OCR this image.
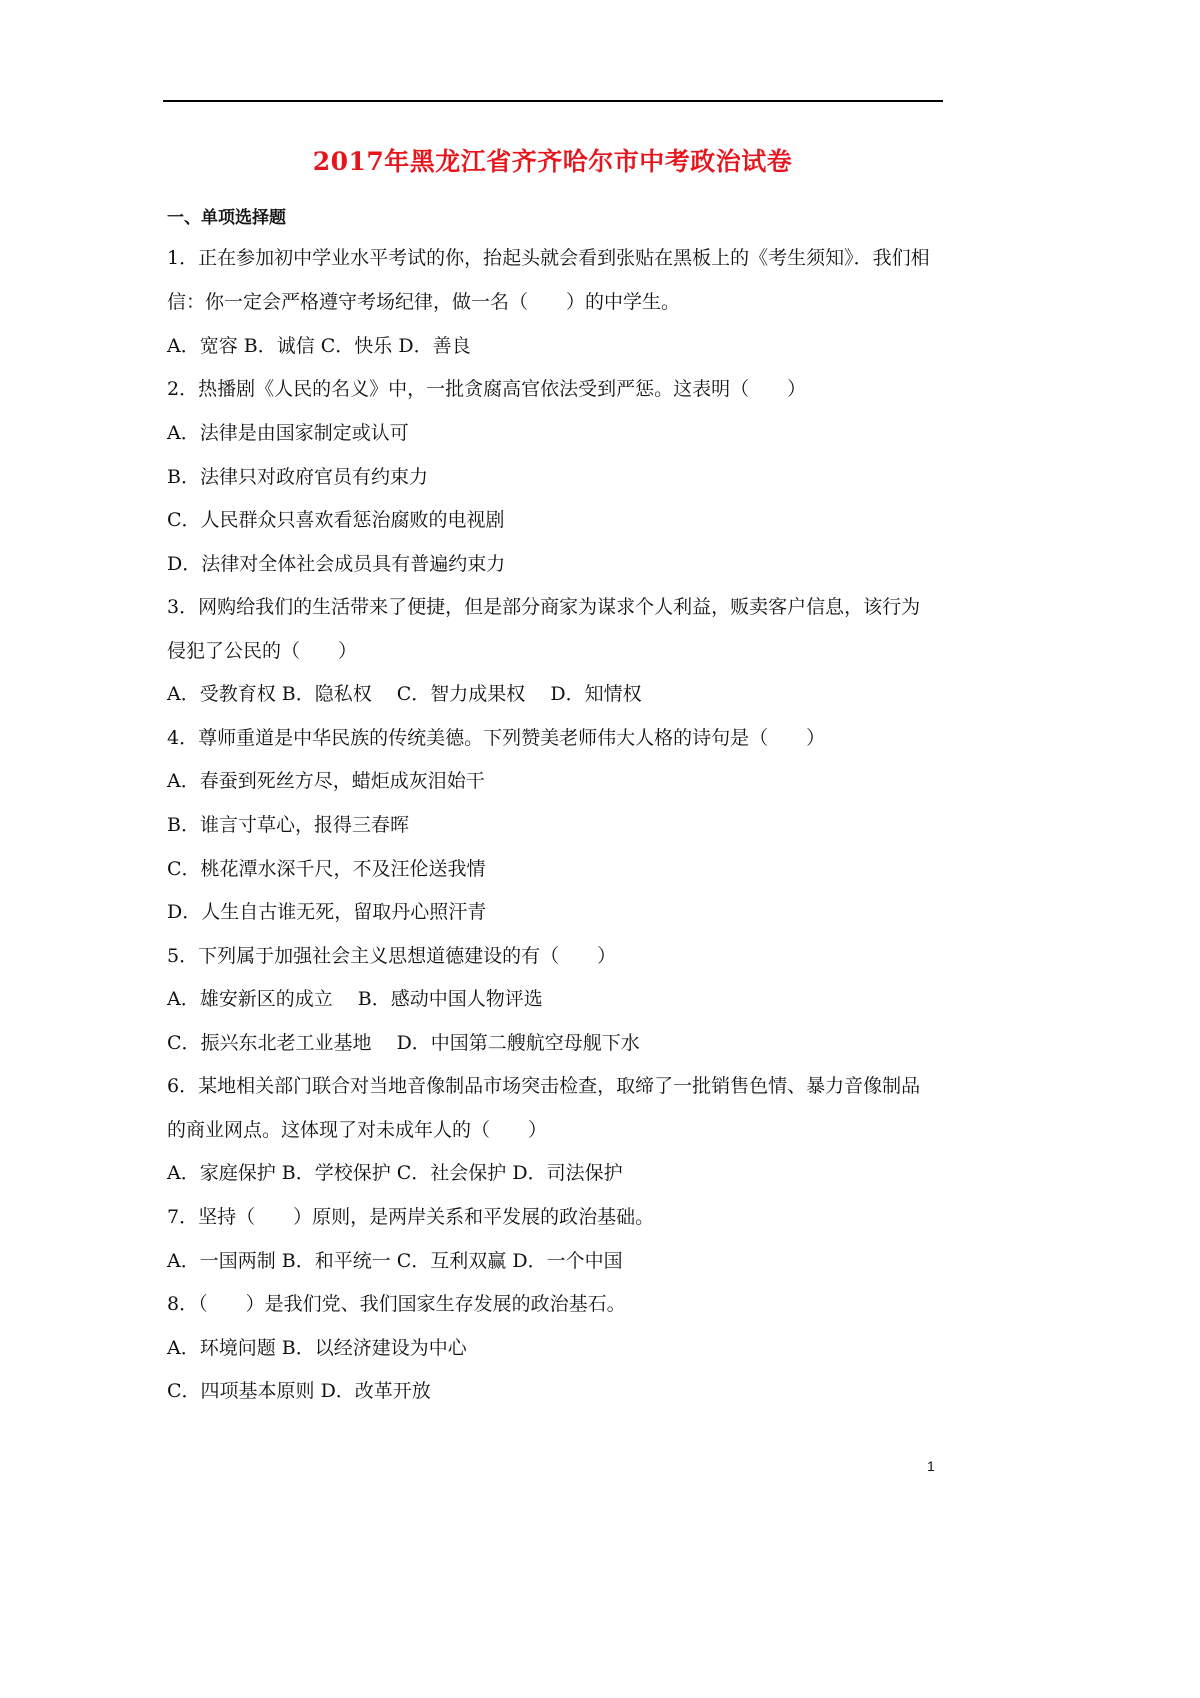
2017年黑龙江省齐齐哈尔市中考政治试卷
一、单项选择题
1．正在参加初中学业水平考试的你，抬起头就会看到张贴在黑板上的《考生须知》．我们相
信：你一定会严格遵守考场纪律，做一名（　　）的中学生。
A．宽容 B．诚信 C．快乐 D．善良
2．热播剧《人民的名义》中，一批贪腐高官依法受到严惩。这表明（　　）
A．法律是由国家制定或认可
B．法律只对政府官员有约束力
C．人民群众只喜欢看惩治腐败的电视剧
D．法律对全体社会成员具有普遍约束力
3．网购给我们的生活带来了便捷，但是部分商家为谋求个人利益，贩卖客户信息，该行为
侵犯了公民的（　　）
A．受教育权 B．隐私权　 C．智力成果权　 D．知情权
4．尊师重道是中华民族的传统美德。下列赞美老师伟大人格的诗句是（　　）
A．春蚕到死丝方尽，蜡炬成灰泪始干
B．谁言寸草心，报得三春晖
C．桃花潭水深千尺，不及汪伦送我情
D．人生自古谁无死，留取丹心照汗青
5．下列属于加强社会主义思想道德建设的有（　　）
A．雄安新区的成立　 B．感动中国人物评选
C．振兴东北老工业基地　 D．中国第二艘航空母舰下水
6．某地相关部门联合对当地音像制品市场突击检查，取缔了一批销售色情、暴力音像制品
的商业网点。这体现了对未成年人的（　　）
A．家庭保护 B．学校保护 C．社会保护 D．司法保护
7．坚持（　　）原则，是两岸关系和平发展的政治基础。
A．一国两制 B．和平统一 C．互利双赢 D．一个中国
8．（　　）是我们党、我们国家生存发展的政治基石。
A．环境问题 B．以经济建设为中心
C．四项基本原则 D．改革开放
1
